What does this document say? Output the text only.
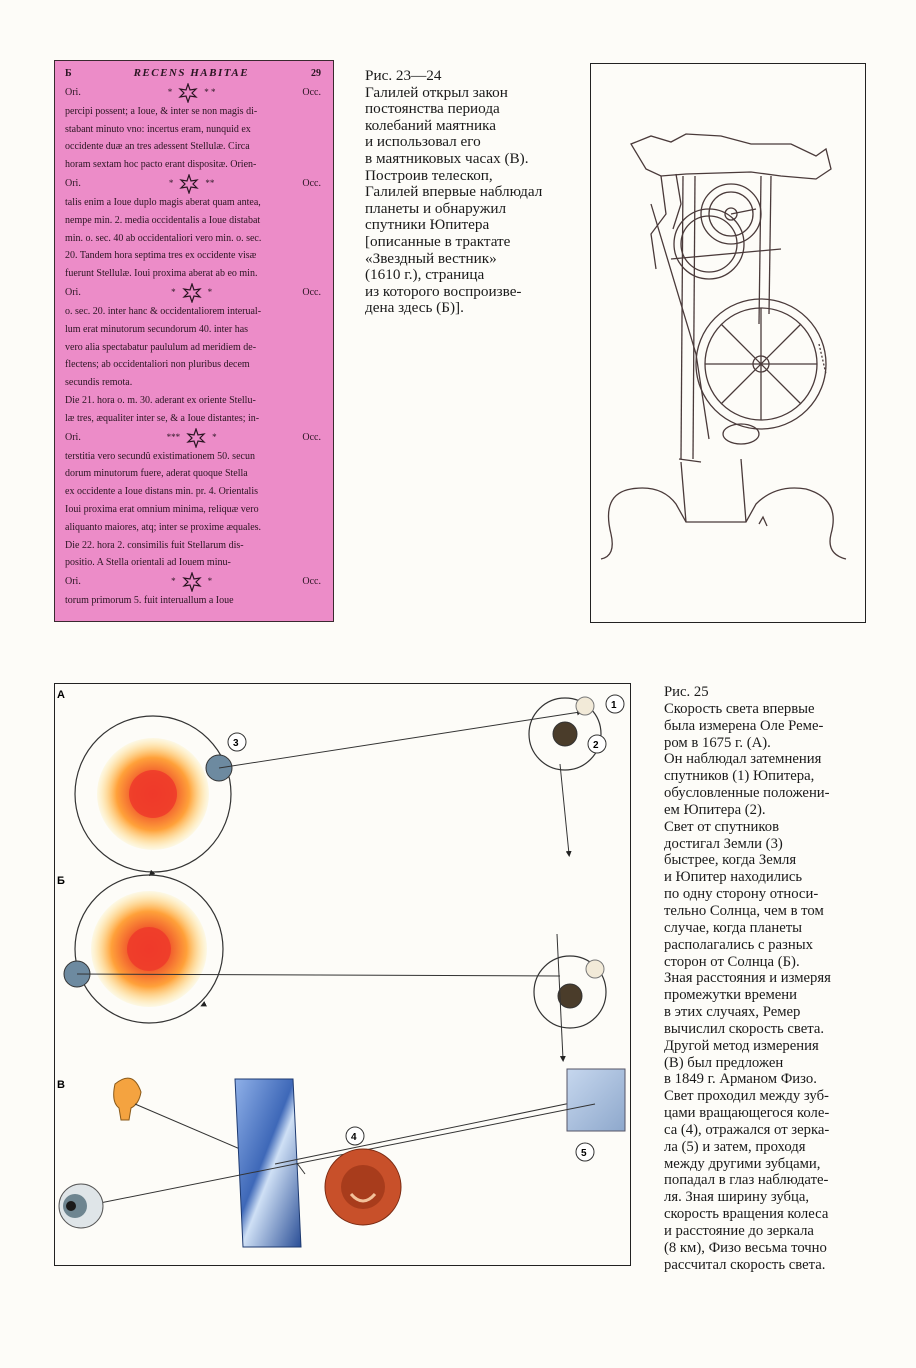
Б	RECENS HABITAE	29
Ori.	*	* *	Occ.

percipi possent; a Ioue, & inter se non magis di-

stabant minuto vno: incertus eram, nunquid ex

occidente duæ an tres adessent Stellulæ. Circa

horam sextam hoc pacto erant dispositæ. Orien-

Ori.	*	**	Occ.

talis enim a Ioue duplo magis aberat quam antea,

nempe min. 2. media occidentalis a Ioue distabat

min. o. sec. 40 ab occidentaliori vero min. o. sec.

20. Tandem hora septima tres ex occidente visæ

fuerunt Stellulæ. Ioui proxima aberat ab eo min.

Ori.	*	*	Occ.

o. sec. 20. inter hanc & occidentaliorem interual-

lum erat minutorum secundorum 40. inter has

vero alia spectabatur paululum ad meridiem de-

flectens; ab occidentaliori non pluribus decem

secundis remota.

Die 21. hora o. m. 30. aderant ex oriente Stellu-

læ tres, æqualiter inter se, & a Ioue distantes; in-

Ori.	***	*	Occ.

terstitia vero secundû existimationem 50. secun

dorum minutorum fuere, aderat quoque Stella

ex occidente a Ioue distans min. pr. 4. Orientalis

Ioui proxima erat omnium minima, reliquæ vero

aliquanto maiores, atq; inter se proxime æquales.

Die 22. hora 2. consimilis fuit Stellarum dis-

positio. A Stella orientali ad Iouem minu-

Ori.	*	*	Occ.

torum primorum 5. fuit interuallum a Ioue

Рис. 23—24

Галилей открыл закон

постоянства периода

колебаний маятника

и использовал его

в маятниковых часах (В).

Построив телескоп,

Галилей впервые наблюдал

планеты и обнаружил

спутники Юпитера

[описанные в трактате

«Звездный вестник»

(1610 г.), страница

из которого воспроизве-

дена здесь (Б)].

А
3
1
2
Б
В
5
4

Рис. 25

Скорость света впервые

была измерена Оле Реме-

ром в 1675 г. (А).

Он наблюдал затемнения

спутников (1) Юпитера,

обусловленные положени-

ем Юпитера (2).

Свет от спутников

достигал Земли (3)

быстрее, когда Земля

и Юпитер находились

по одну сторону относи-

тельно Солнца, чем в том

случае, когда планеты

располагались с разных

сторон от Солнца (Б).

Зная расстояния и измеряя

промежутки времени

в этих случаях, Ремер

вычислил скорость света.

Другой метод измерения

(В) был предложен

в 1849 г. Арманом Физо.

Свет проходил между зуб-

цами вращающегося коле-

са (4), отражался от зерка-

ла (5) и затем, проходя

между другими зубцами,

попадал в глаз наблюдате-

ля. Зная ширину зубца,

скорость вращения колеса

и расстояние до зеркала

(8 км), Физо весьма точно

рассчитал скорость света.
